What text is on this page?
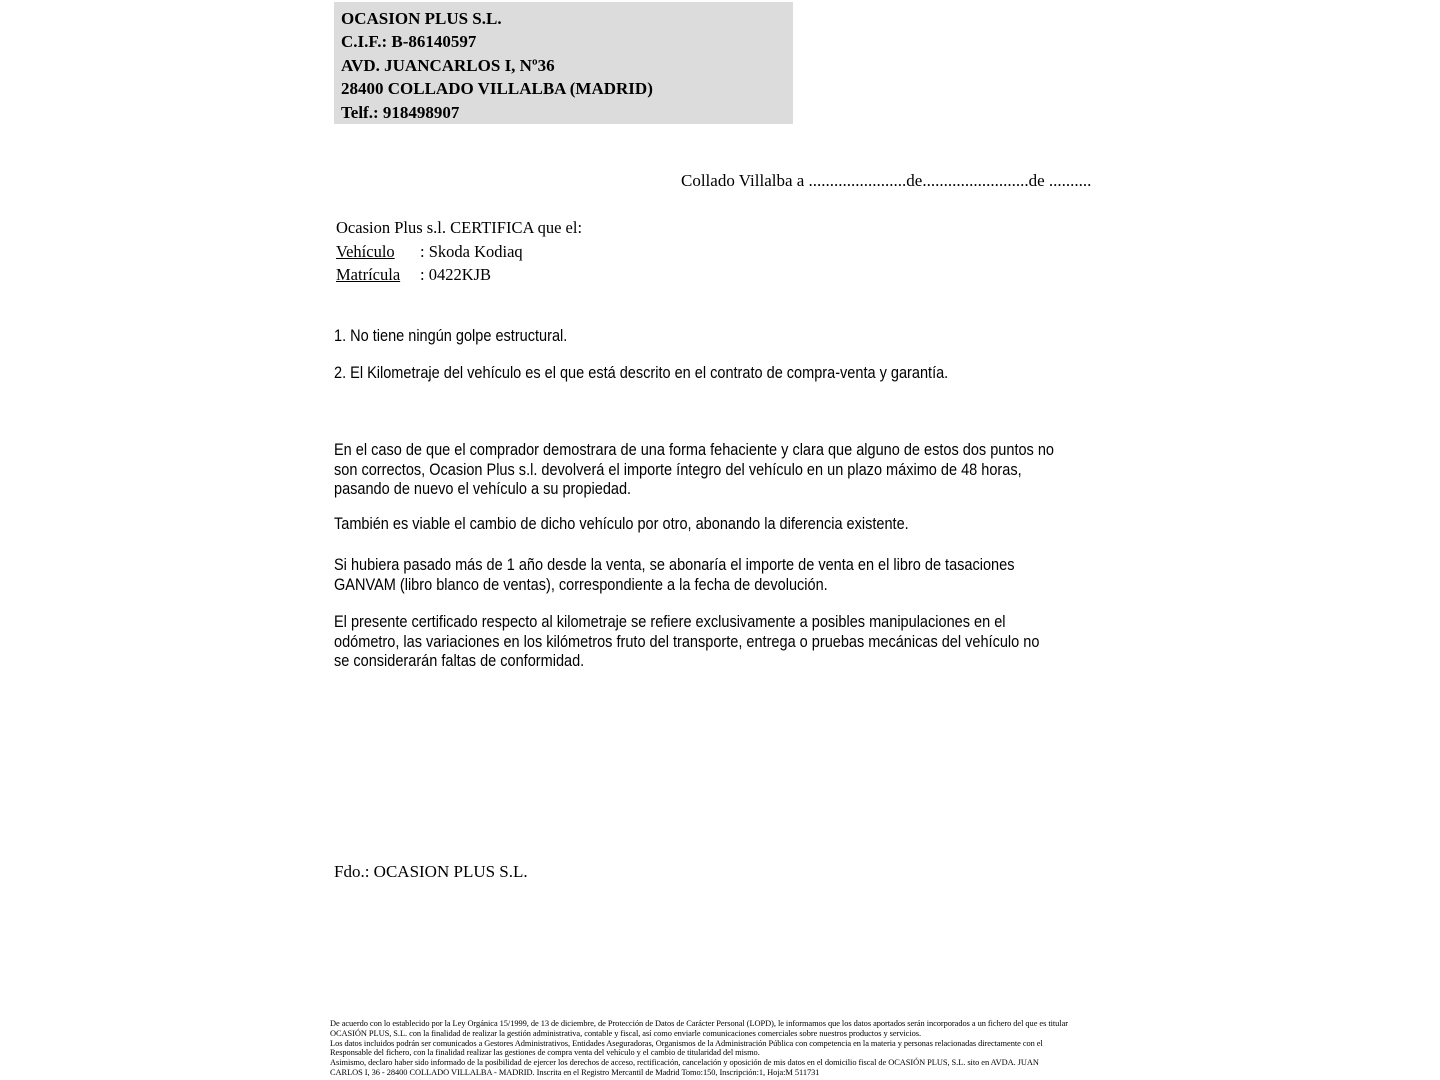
OCASION PLUS S.L.
C.I.F.: B-86140597
AVD. JUANCARLOS I, Nº36
28400 COLLADO VILLALBA (MADRID)
Telf.: 918498907
Collado Villalba a .......................de.........................de ..........
Ocasion Plus s.l. CERTIFICA que el:
Vehículo : Skoda Kodiaq
Matrícula : 0422KJB
1. No tiene ningún golpe estructural.
2. El Kilometraje del vehículo es el que está descrito en el contrato de compra-venta y garantía.
En el caso de que el comprador demostrara de una forma fehaciente y clara que alguno de estos dos puntos no
son correctos, Ocasion Plus s.l. devolverá el importe íntegro del vehículo en un plazo máximo de 48 horas,
pasando de nuevo el vehículo a su propiedad.
También es viable el cambio de dicho vehículo por otro, abonando la diferencia existente.
Si hubiera pasado más de 1 año desde la venta, se abonaría el importe de venta en el libro de tasaciones
GANVAM (libro blanco de ventas), correspondiente a la fecha de devolución.
El presente certificado respecto al kilometraje se refiere exclusivamente a posibles manipulaciones en el
odómetro, las variaciones en los kilómetros fruto del transporte, entrega o pruebas mecánicas del vehículo no
se considerarán faltas de conformidad.
Fdo.: OCASION PLUS S.L.
De acuerdo con lo establecido por la Ley Orgánica 15/1999, de 13 de diciembre, de Protección de Datos de Carácter Personal (LOPD), le informamos que los datos aportados serán incorporados a un fichero del que es titular
OCASIÓN PLUS, S.L. con la finalidad de realizar la gestión administrativa, contable y fiscal, así como enviarle comunicaciones comerciales sobre nuestros productos y servicios.
Los datos incluidos podrán ser comunicados a Gestores Administrativos, Entidades Aseguradoras, Organismos de la Administración Pública con competencia en la materia y personas relacionadas directamente con el
Responsable del fichero, con la finalidad realizar las gestiones de compra venta del vehículo y el cambio de titularidad del mismo.
Asimismo, declaro haber sido informado de la posibilidad de ejercer los derechos de acceso, rectificación, cancelación y oposición de mis datos en el domicilio fiscal de OCASIÓN PLUS, S.L. sito en AVDA. JUAN
CARLOS I, 36 - 28400 COLLADO VILLALBA - MADRID. Inscrita en el Registro Mercantil de Madrid Tomo:150, Inscripción:1, Hoja:M 511731
